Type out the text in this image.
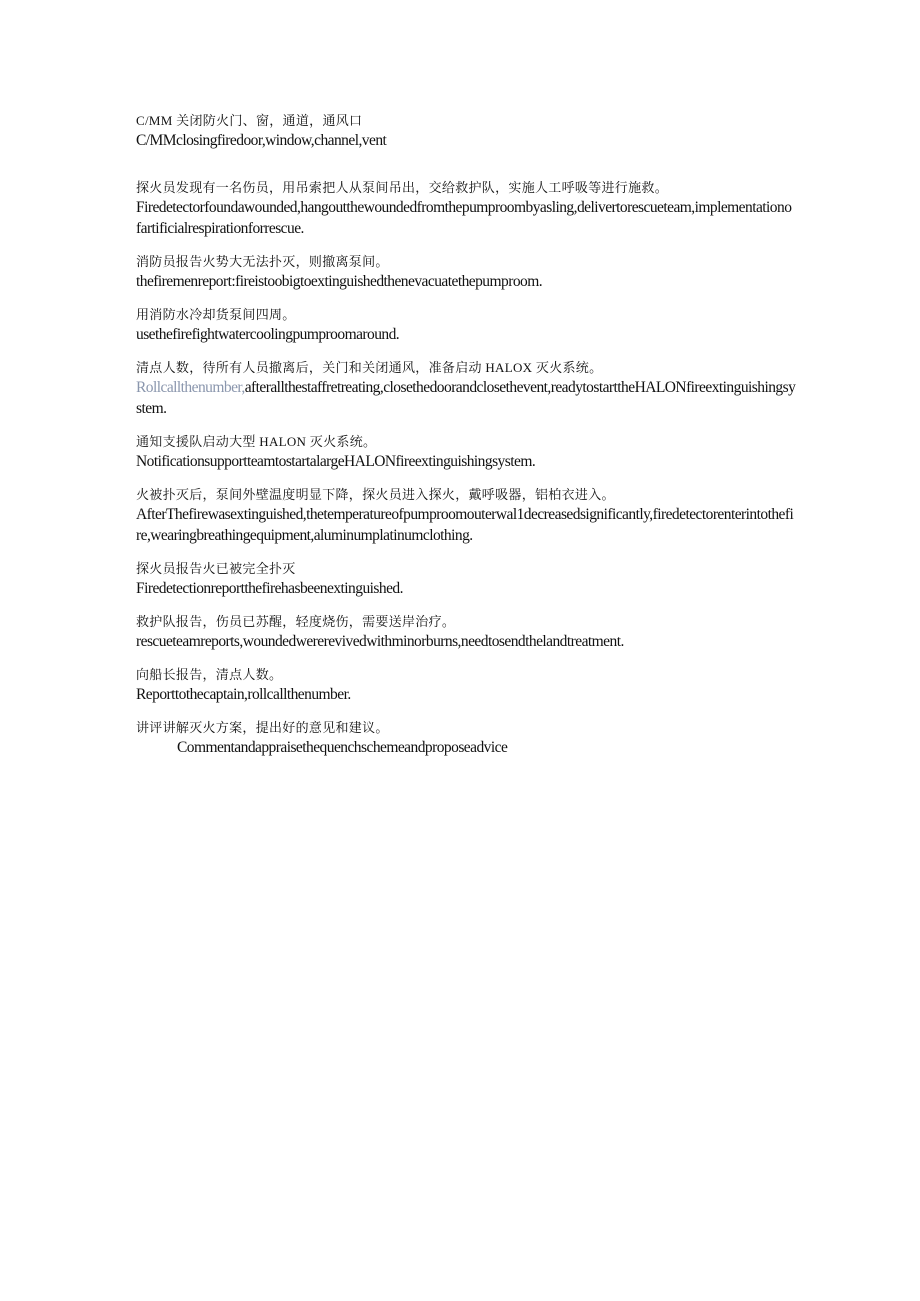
C/MM 关闭防火门、窗，通道，通风口
C/MMclosingfiredoor,window,channel,vent
探火员发现有一名伤员，用吊索把人从泵间吊出，交给救护队，实施人工呼吸等进行施救。
Firedetectorfoundawounded,hangoutthewoundedfromthepumproombyasling,delivertorescueteam,implementationofartificialrespirationforrescue.
消防员报告火势大无法扑灭，则撤离泵间。
thefiremenreport:fireistoobigtoextinguishedthenevacuatethepumproom.
用消防水冷却货泵间四周。
usethefirefightwatercoolingpumproomaround.
清点人数，待所有人员撤离后，关门和关闭通风，准备启动 HALOX 灭火系统。
Rollcallthenumber,afterallthestaffretreating,closethedoorandclosethevent,readytostarttheHALONfireextinguishingsystem.
通知支援队启动大型 HALON 灭火系统。
NotificationsupportteamtostartalargeHALONfireextinguishingsystem.
火被扑灭后，泵间外壁温度明显下降，探火员进入探火，戴呼吸器，铝柏衣进入。
AfterThefirewasextinguished,thetemperatureofpumproomouterwal1decreasedsignificantly,firedetectorenterintothefire,wearingbreathingequipment,aluminumplatinumclothing.
探火员报告火已被完全扑灭
Firedetectionreportthefirehasbeenextinguished.
救护队报告，伤员已苏醒，轻度烧伤，需要送岸治疗。
rescueteamreports,woundedwererevivedwithminorburns,needtosendthelandtreatment.
向船长报告，清点人数。
Reporttothecaptain,rollcallthenumber.
讲评讲解灭火方案，提出好的意见和建议。
Commentandappraisethequenchschemeandproposeadvice
